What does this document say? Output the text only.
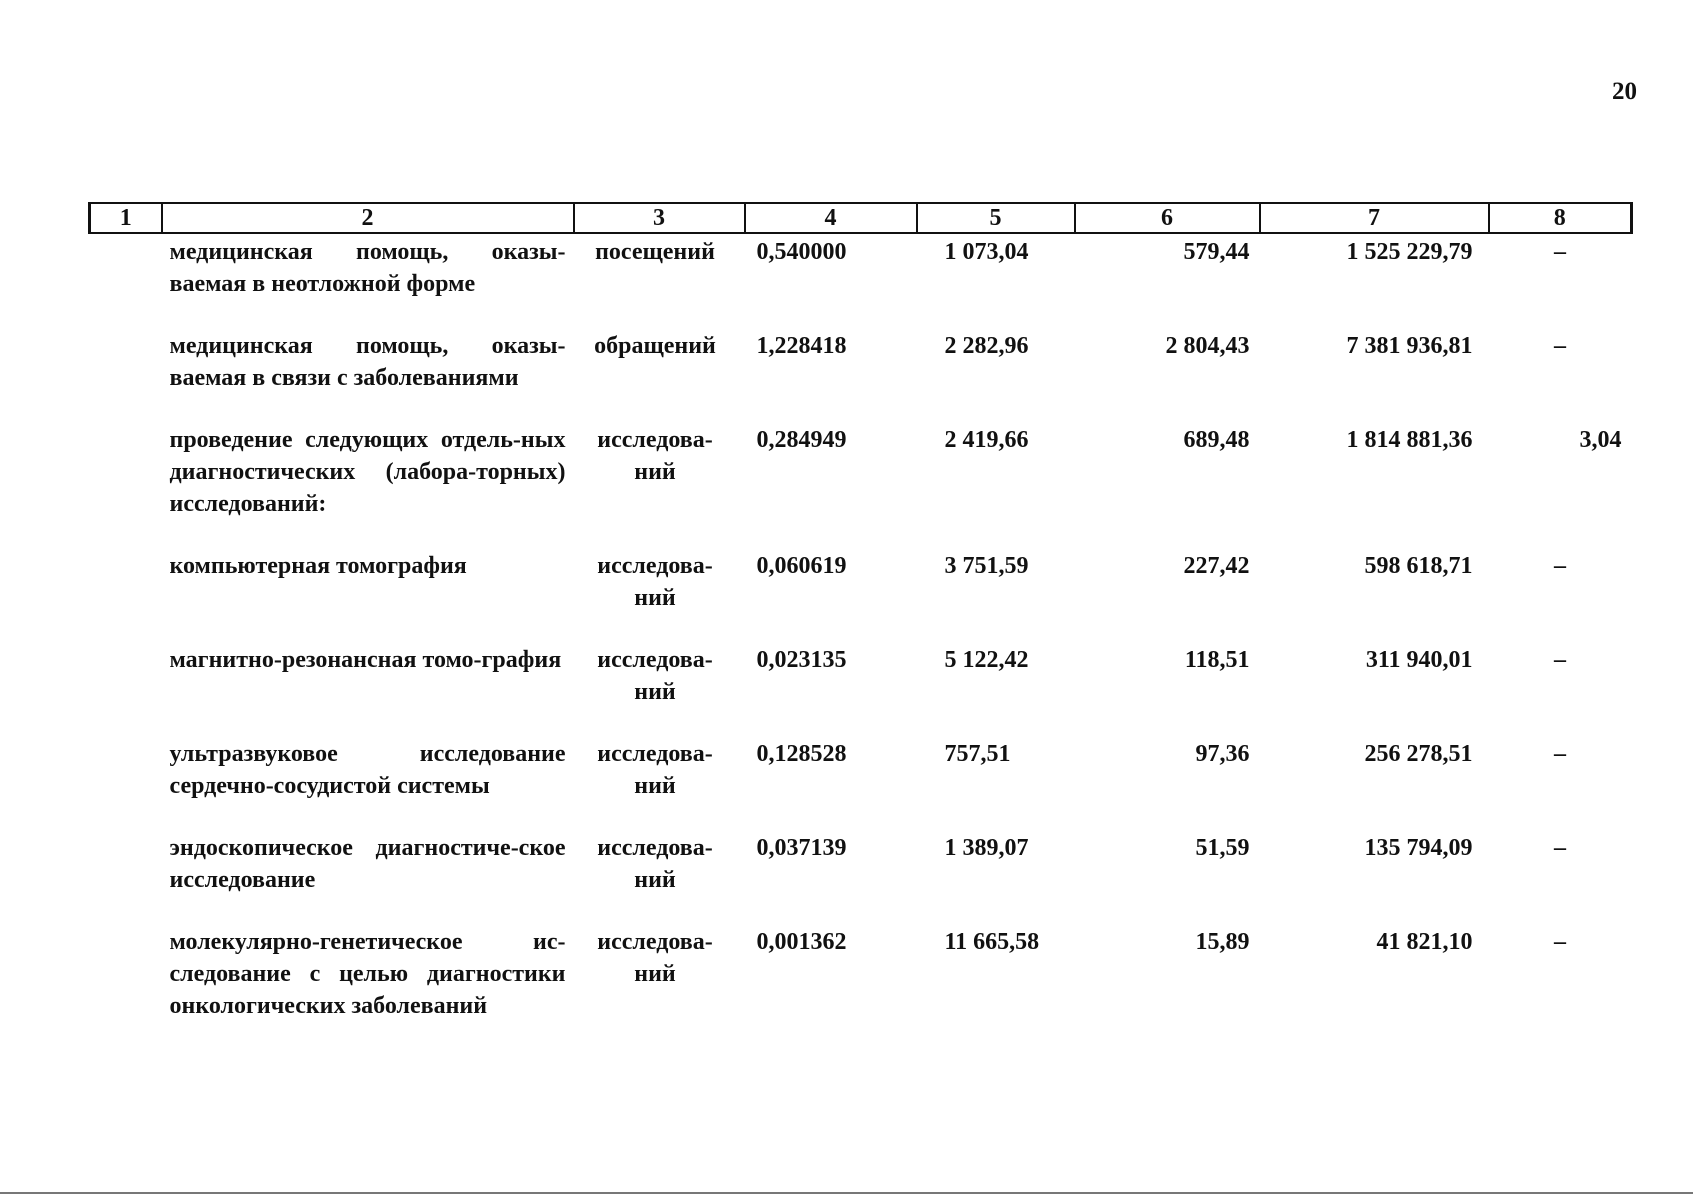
20
1	2	3	4	5	6	7	8
	медицинская помощь, оказы-ваемая в неотложной форме	посещений	0,540000	1 073,04	579,44	1 525 229,79	–
	медицинская помощь, оказы-ваемая в связи с заболеваниями	обращений	1,228418	2 282,96	2 804,43	7 381 936,81	–
	проведение следующих отдель-ных диагностических (лабора-торных) исследований:	исследова-ний	0,284949	2 419,66	689,48	1 814 881,36	3,04
	компьютерная томография	исследова-ний	0,060619	3 751,59	227,42	598 618,71	–
	магнитно-резонансная томо-графия	исследова-ний	0,023135	5 122,42	118,51	311 940,01	–
	ультразвуковое исследование сердечно-сосудистой системы	исследова-ний	0,128528	757,51	97,36	256 278,51	–
	эндоскопическое диагностиче-ское исследование	исследова-ний	0,037139	1 389,07	51,59	135 794,09	–
	молекулярно-генетическое ис-следование с целью диагностики онкологических заболеваний	исследова-ний	0,001362	11 665,58	15,89	41 821,10	–
